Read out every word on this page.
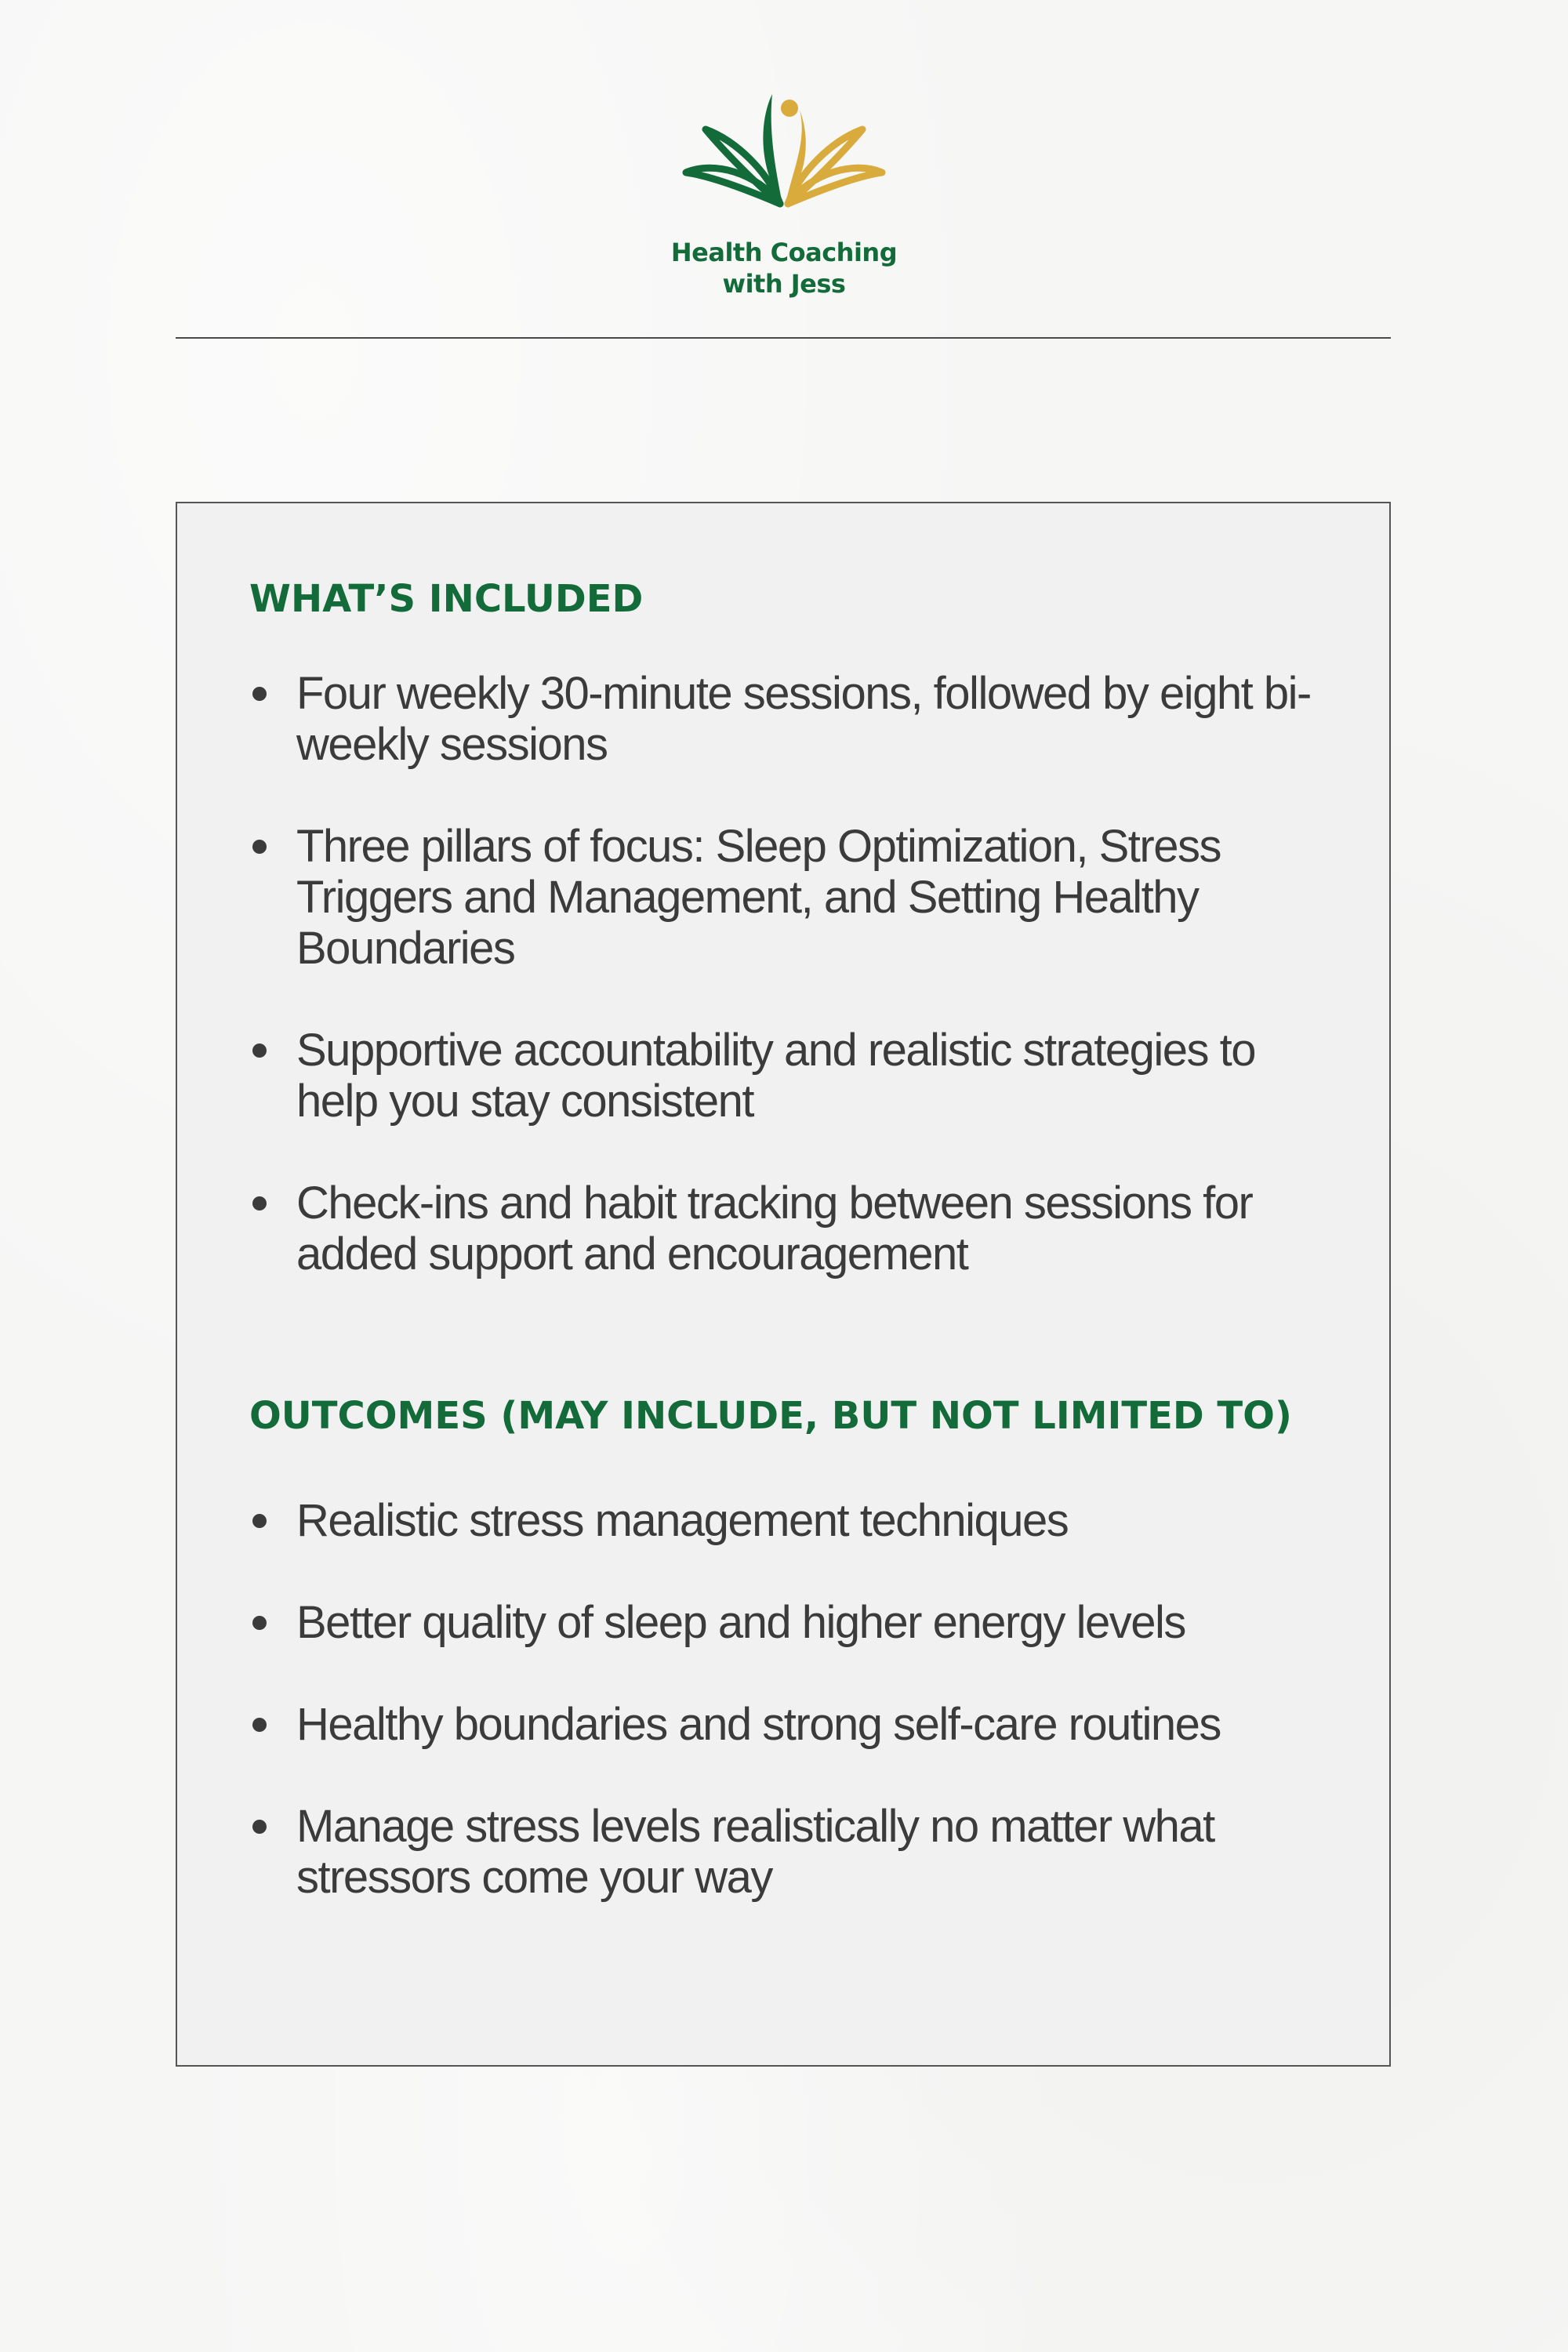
Health Coaching
with Jess
WHAT’S INCLUDED
Four weekly 30-minute sessions, followed by eight bi-weekly sessions
Three pillars of focus: Sleep Optimization, Stress Triggers and Management, and Setting Healthy Boundaries
Supportive accountability and realistic strategies to help you stay consistent
Check-ins and habit tracking between sessions for added support and encouragement
OUTCOMES (MAY INCLUDE, BUT NOT LIMITED TO)
Realistic stress management techniques
Better quality of sleep and higher energy levels
Healthy boundaries and strong self-care routines
Manage stress levels realistically no matter what stressors come your way
